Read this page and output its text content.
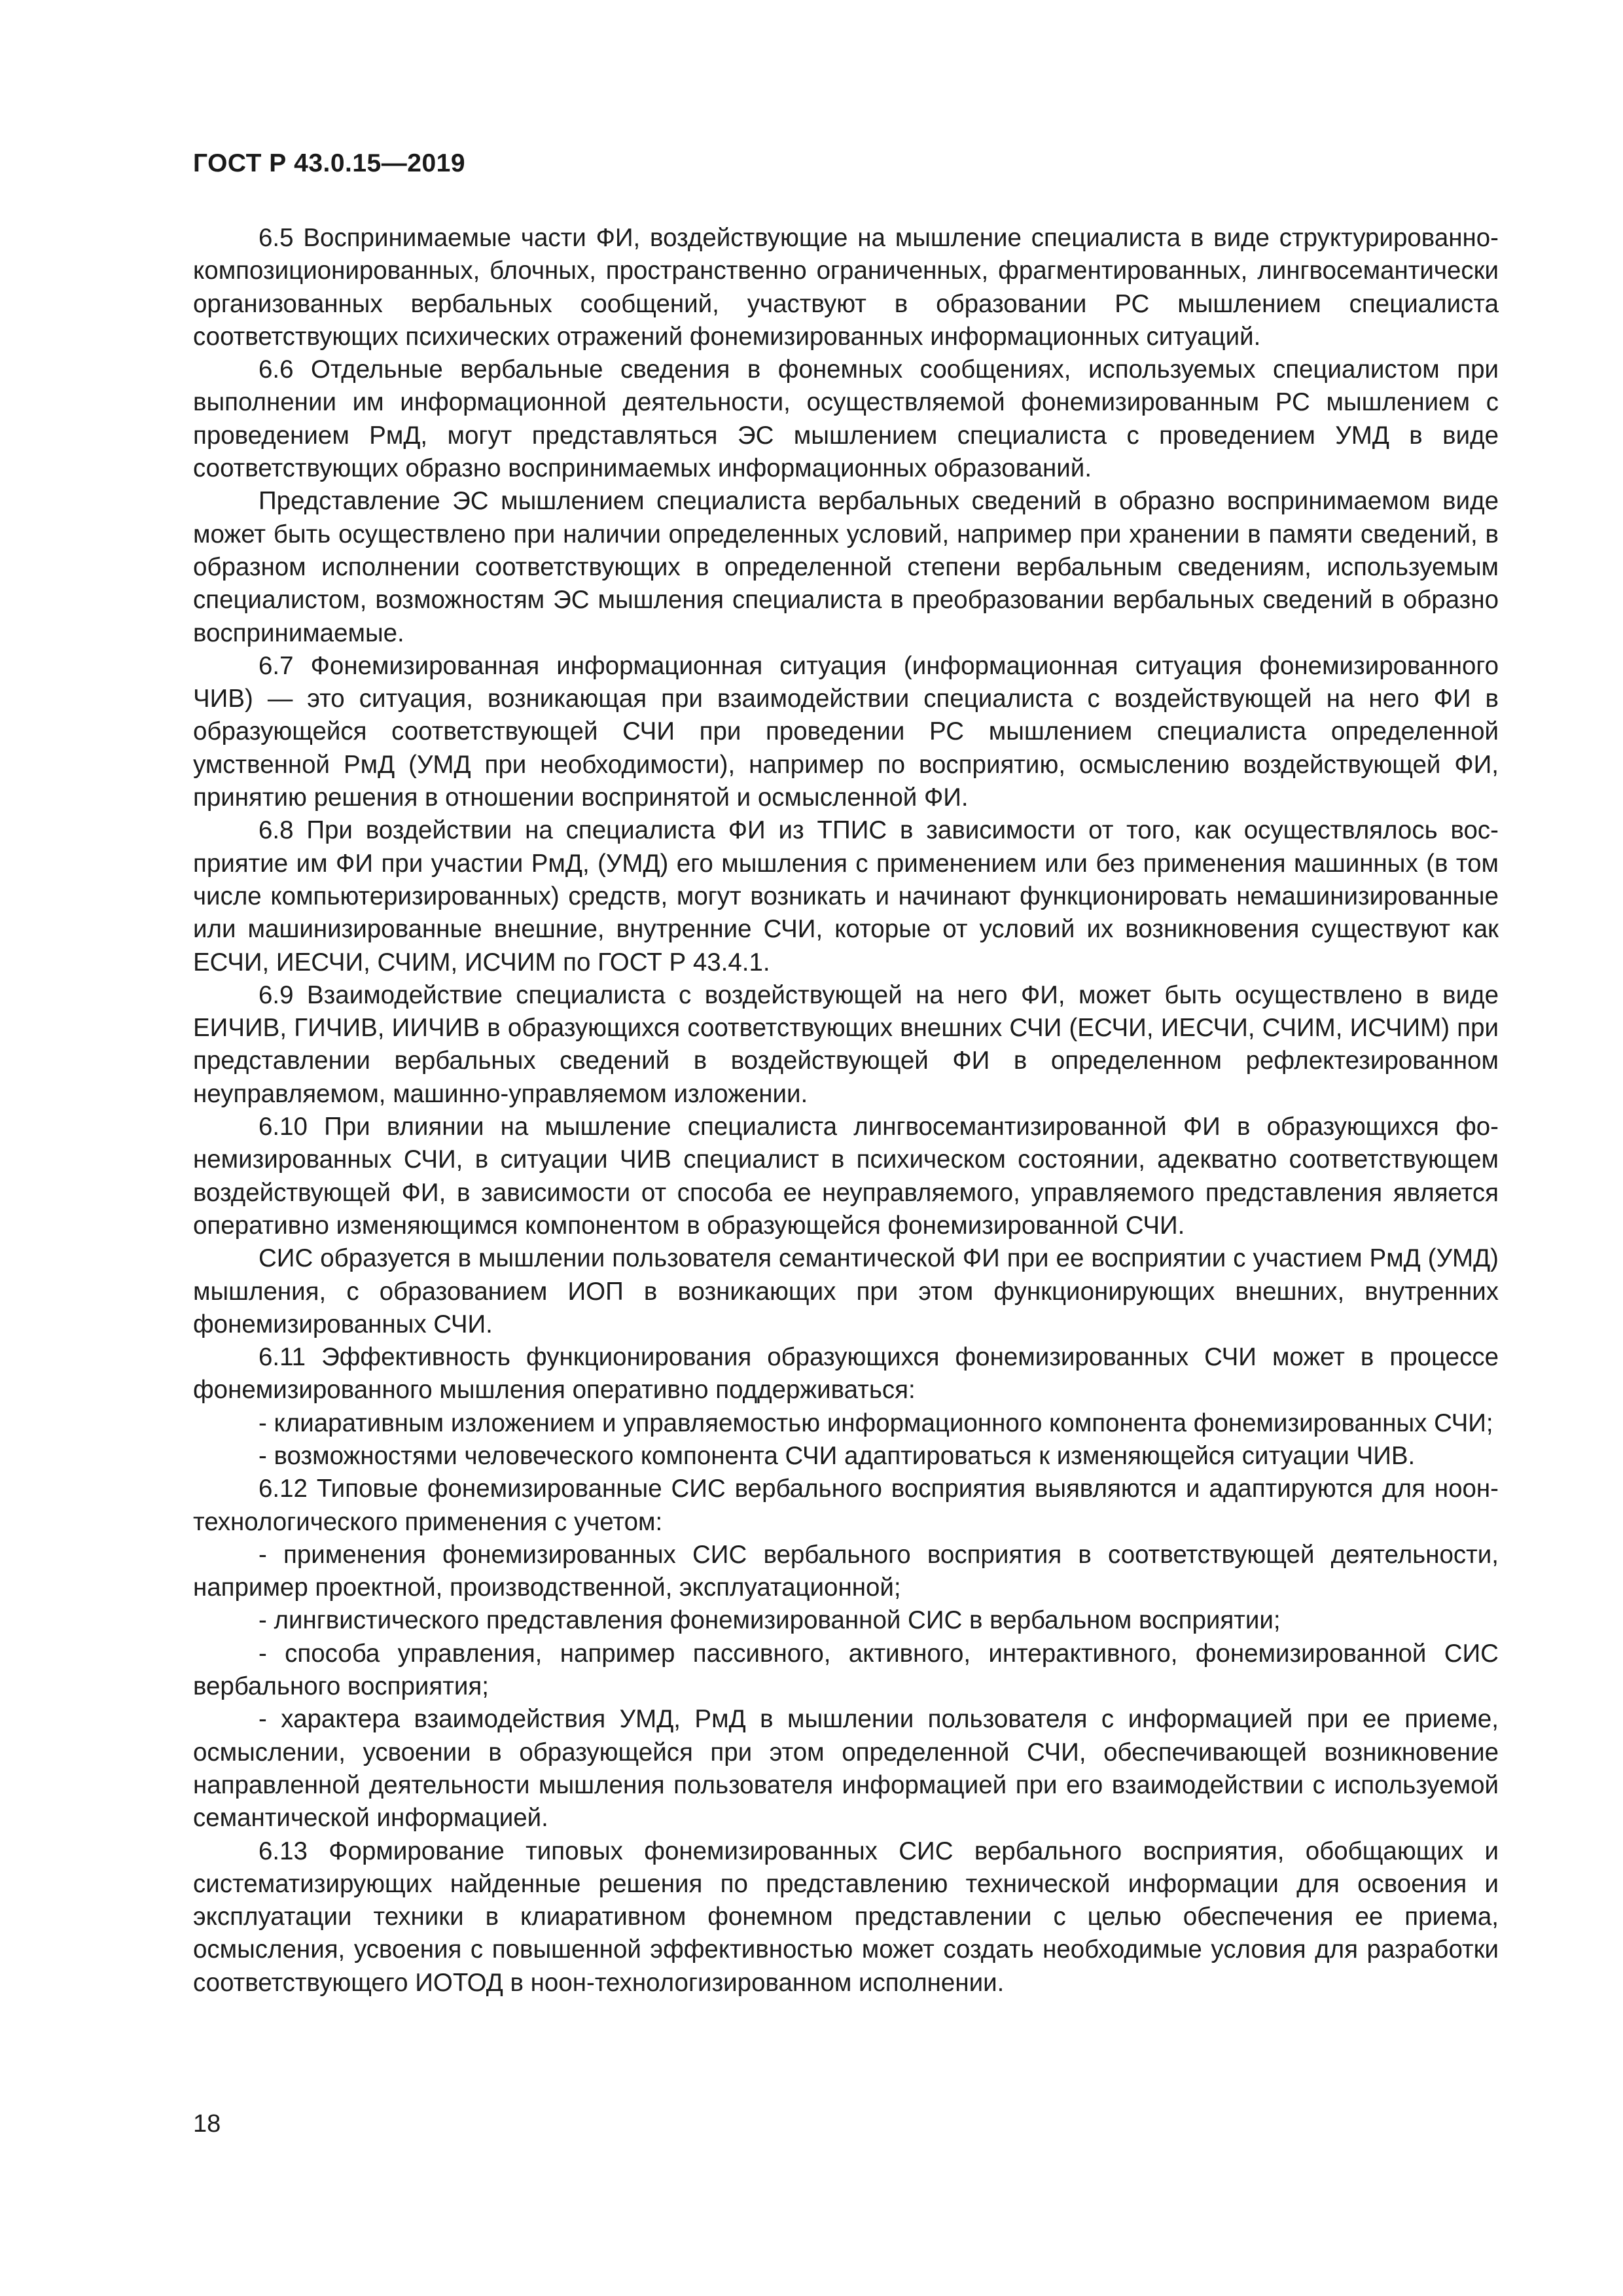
ГОСТ Р 43.0.15—2019

6.5 Воспринимаемые части ФИ, воздействующие на мышление специалиста в виде структурированно-композиционированных, блочных, пространственно ограниченных, фрагментированных, лингвосемантически организованных вербальных сообщений, участвуют в образовании РС мышлением специалиста соответствующих психических отражений фонемизированных информационных ситуаций.

6.6 Отдельные вербальные сведения в фонемных сообщениях, используемых специалистом при выполнении им информационной деятельности, осуществляемой фонемизированным РС мышлением с проведением РмД, могут представляться ЭС мышлением специалиста с проведением УМД в виде соответствующих образно воспринимаемых информационных образований.

Представление ЭС мышлением специалиста вербальных сведений в образно воспринимаемом виде может быть осуществлено при наличии определенных условий, например при хранении в памяти сведений, в образном исполнении соответствующих в определенной степени вербальным сведениям, используемым специалистом, возможностям ЭС мышления специалиста в преобразовании вербальных сведений в образно воспринимаемые.

6.7 Фонемизированная информационная ситуация (информационная ситуация фонемизированного ЧИВ) — это ситуация, возникающая при взаимодействии специалиста с воздействующей на него ФИ в образующейся соответствующей СЧИ при проведении РС мышлением специалиста определенной умственной РмД (УМД при необходимости), например по восприятию, осмыслению воздействующей ФИ, принятию решения в отношении воспринятой и осмысленной ФИ.

6.8 При воздействии на специалиста ФИ из ТПИС в зависимости от того, как осуществлялось восприятие им ФИ при участии РмД, (УМД) его мышления с применением или без применения машинных (в том числе компьютеризированных) средств, могут возникать и начинают функционировать немашинизированные или машинизированные внешние, внутренние СЧИ, которые от условий их возникновения существуют как ЕСЧИ, ИЕСЧИ, СЧИМ, ИСЧИМ по ГОСТ Р 43.4.1.

6.9 Взаимодействие специалиста с воздействующей на него ФИ, может быть осуществлено в виде ЕИЧИВ, ГИЧИВ, ИИЧИВ в образующихся соответствующих внешних СЧИ (ЕСЧИ, ИЕСЧИ, СЧИМ, ИСЧИМ) при представлении вербальных сведений в воздействующей ФИ в определенном рефлектезированном неуправляемом, машинно-управляемом изложении.

6.10 При влиянии на мышление специалиста лингвосемантизированной ФИ в образующихся фонемизированных СЧИ, в ситуации ЧИВ специалист в психическом состоянии, адекватно соответствующем воздействующей ФИ, в зависимости от способа ее неуправляемого, управляемого представления является оперативно изменяющимся компонентом в образующейся фонемизированной СЧИ.

СИС образуется в мышлении пользователя семантической ФИ при ее восприятии с участием РмД (УМД) мышления, с образованием ИОП в возникающих при этом функционирующих внешних, внутренних фонемизированных СЧИ.

6.11 Эффективность функционирования образующихся фонемизированных СЧИ может в процессе фонемизированного мышления оперативно поддерживаться:

- клиаративным изложением и управляемостью информационного компонента фонемизированных СЧИ;

- возможностями человеческого компонента СЧИ адаптироваться к изменяющейся ситуации ЧИВ.

6.12 Типовые фонемизированные СИС вербального восприятия выявляются и адаптируются для ноон-технологического применения с учетом:

- применения фонемизированных СИС вербального восприятия в соответствующей деятельности, например проектной, производственной, эксплуатационной;

- лингвистического представления фонемизированной СИС в вербальном восприятии;

- способа управления, например пассивного, активного, интерактивного, фонемизированной СИС вербального восприятия;

- характера взаимодействия УМД, РмД в мышлении пользователя с информацией при ее приеме, осмыслении, усвоении в образующейся при этом определенной СЧИ, обеспечивающей возникновение направленной деятельности мышления пользователя информацией при его взаимодействии с используемой семантической информацией.

6.13 Формирование типовых фонемизированных СИС вербального восприятия, обобщающих и систематизирующих найденные решения по представлению технической информации для освоения и эксплуатации техники в клиаративном фонемном представлении с целью обеспечения ее приема, осмысления, усвоения с повышенной эффективностью может создать необходимые условия для разработки соответствующего ИОТОД в ноон-технологизированном исполнении.

18
